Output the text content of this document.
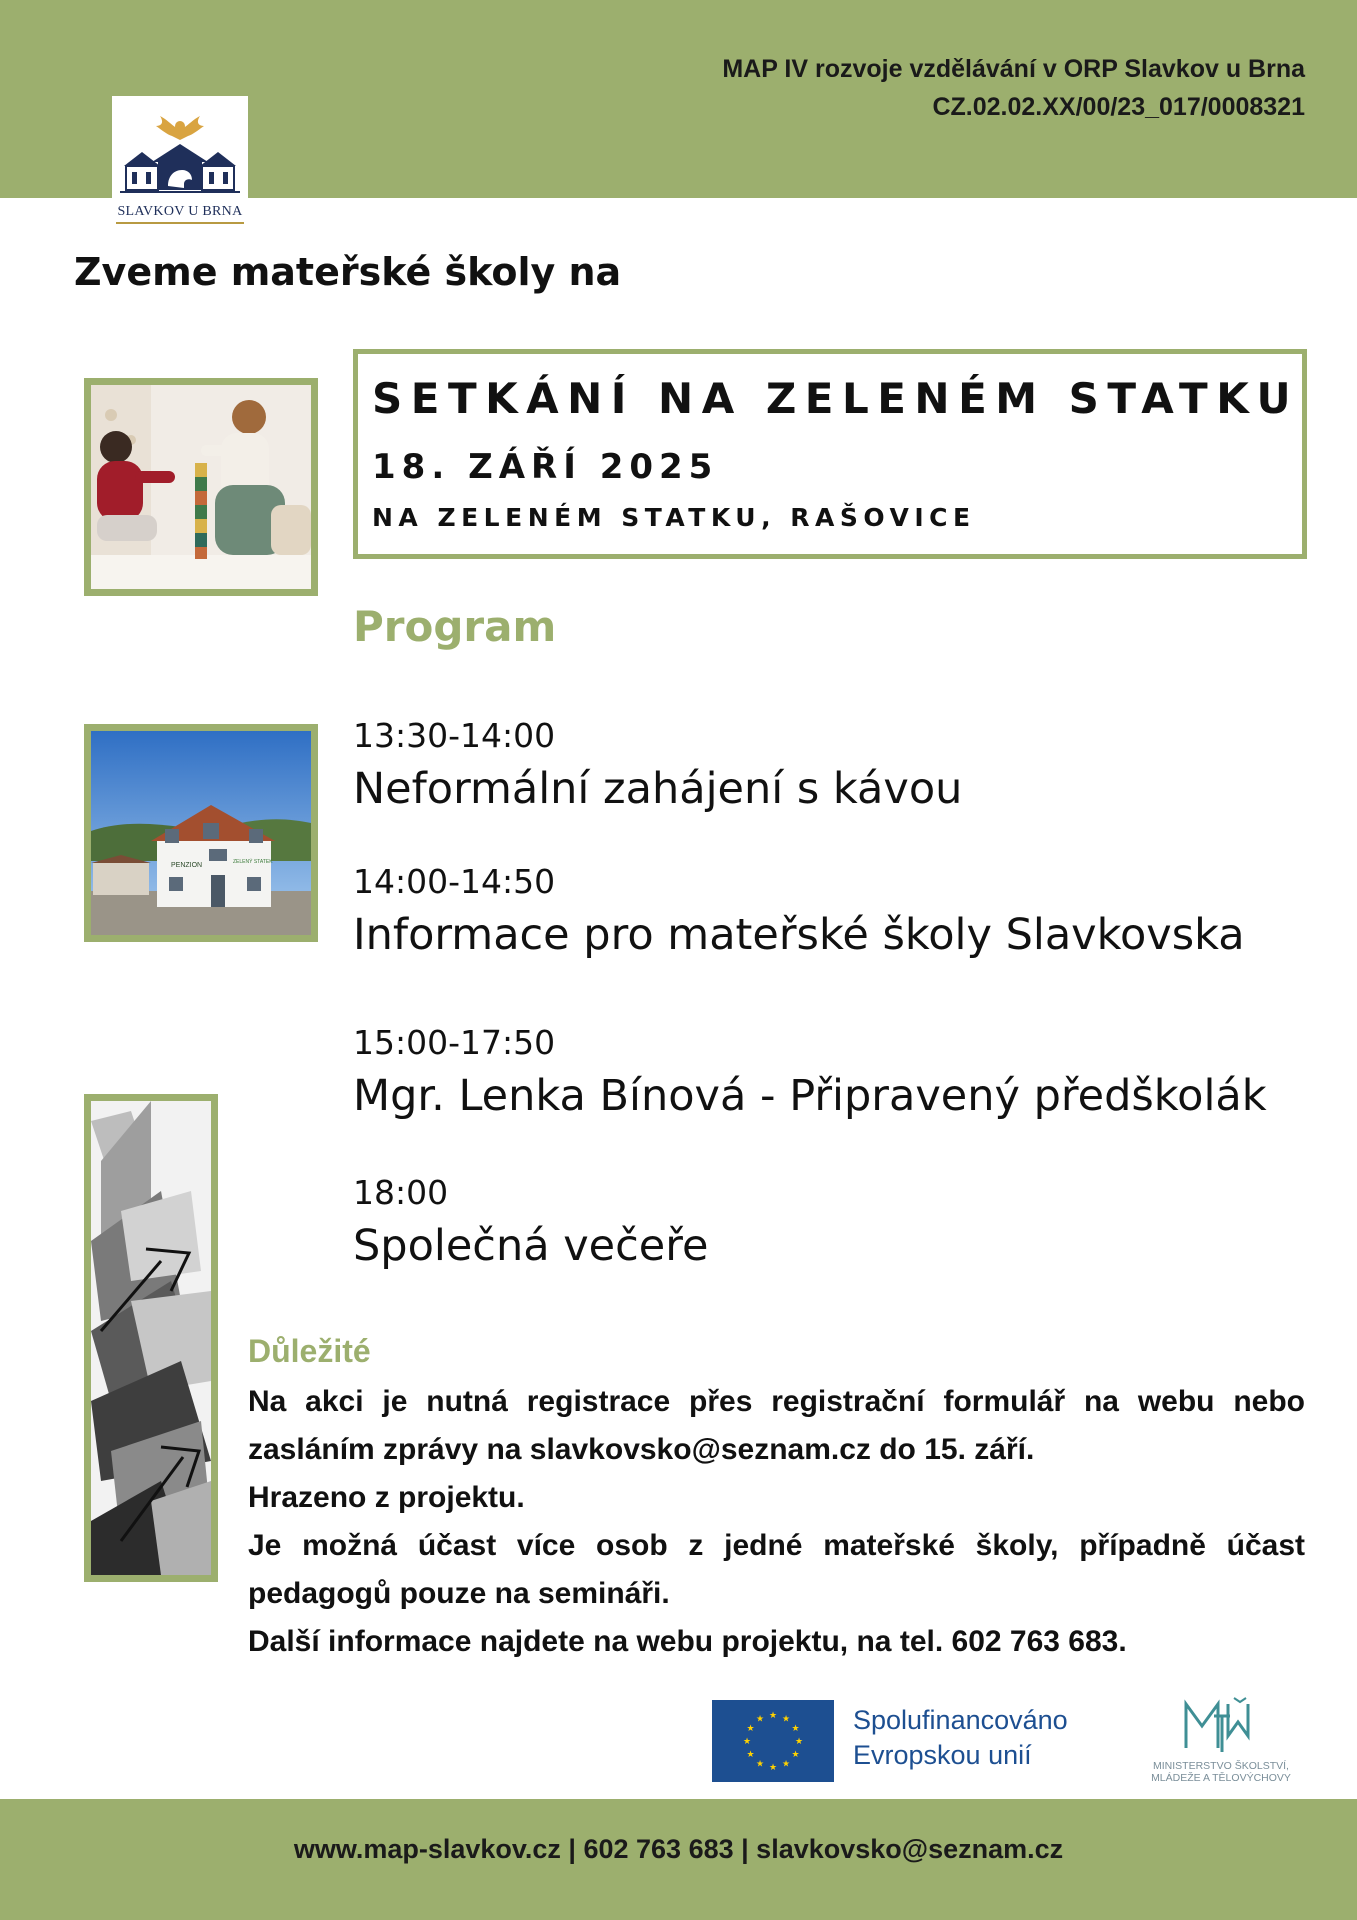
MAP IV rozvoje vzdělávání v ORP Slavkov u Brna
CZ.02.02.XX/00/23_017/0008321
SLAVKOV U BRNA
Zveme mateřské školy na
SETKÁNÍ NA ZELENÉM STATKU
18. ZÁŘÍ 2025
NA ZELENÉM STATKU, RAŠOVICE
PENZION	ZELENÝ STATEK
Program
13:30-14:00
Neformální zahájení s kávou
14:00-14:50
Informace pro mateřské školy Slavkovska
15:00-17:50
Mgr. Lenka Bínová - Připravený předškolák
18:00
Společná večeře
Důležité

Na akci je nutná registrace přes registrační formulář na webu nebo

zasláním zprávy na slavkovsko@seznam.cz do 15. září.

Hrazeno z projektu.

Je možná účast více osob z jedné mateřské školy, případně účast

pedagogů pouze na semináři.

Další informace najdete na webu projektu, na tel. 602 763 683.

★
★
★
★
★
★
★
★
★ ★ ★
★ Spolufinancováno
Evropskou unií	MINISTERSTVO ŠKOLSTVÍ,
MLÁDEŽE A TĚLOVÝCHOVY
www.map-slavkov.cz | 602 763 683 | slavkovsko@seznam.cz
